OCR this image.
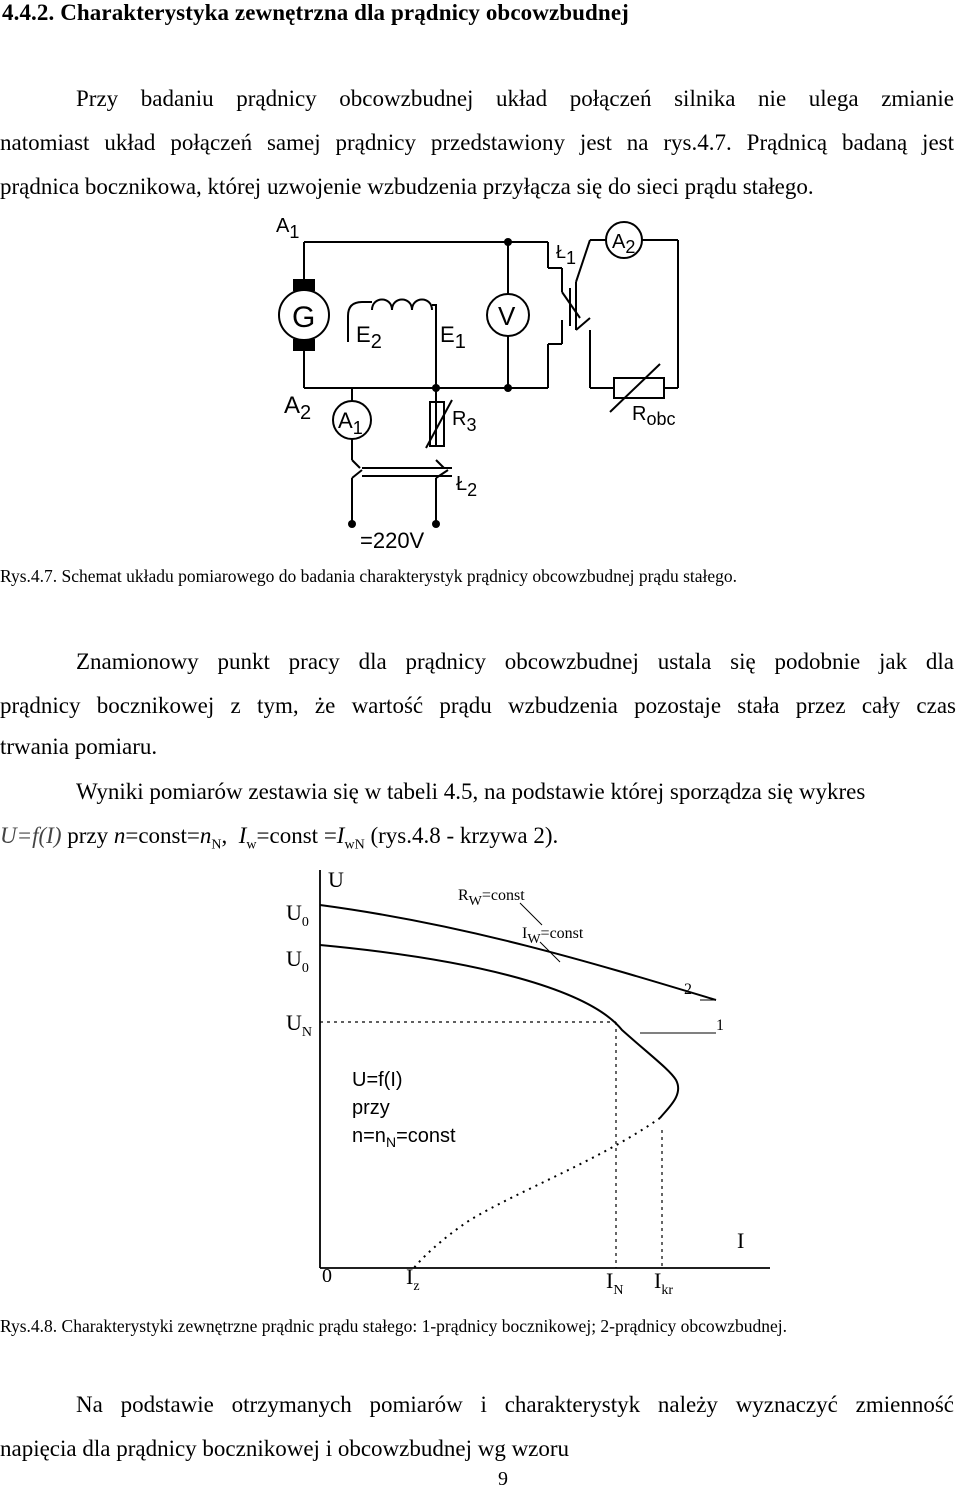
4.4.2. Charakterystyka zewnętrzna dla prądnicy obcowzbudnej
Przy badaniu prądnicy obcowzbudnej układ połączeń silnika nie ulega zmianie
natomiast układ połączeń samej prądnicy przedstawiony jest na rys.4.7. Prądnicą badaną jest
prądnica bocznikowa, której uzwojenie wzbudzenia przyłącza się do sieci prądu stałego.
G
A1
$A_2$
E2	E1
V
Ł1
A2
$A_1$	R3	Robc
Ł2
=220V
Rys.4.7. Schemat układu pomiarowego do badania charakterystyk prądnicy obcowzbudnej prądu stałego.
Znamionowy punkt pracy dla prądnicy obcowzbudnej ustala się podobnie jak dla
prądnicy bocznikowej z tym, że wartość prądu wzbudzenia pozostaje stała przez cały czas
trwania pomiaru.
Wyniki pomiarów zestawia się w tabeli 4.5, na podstawie której sporządza się wykres
U=f(I) przy $n=const=n_N$,  $I_w=const =I_{wN}$ (rys.4.8 - krzywa 2).
U
I
$U_0$
$U_0$
$U_N$
RW=const
IW=const
2
1
U=f(I)
przy
$n=n_N=const$
0	$I_z$	$I_N$ $I_{kr}$
Rys.4.8. Charakterystyki zewnętrzne prądnic prądu stałego: 1-prądnicy bocznikowej; 2-prądnicy obcowzbudnej.
Na podstawie otrzymanych pomiarów i charakterystyk należy wyznaczyć zmienność
napięcia dla prądnicy bocznikowej i obcowzbudnej wg wzoru
9
